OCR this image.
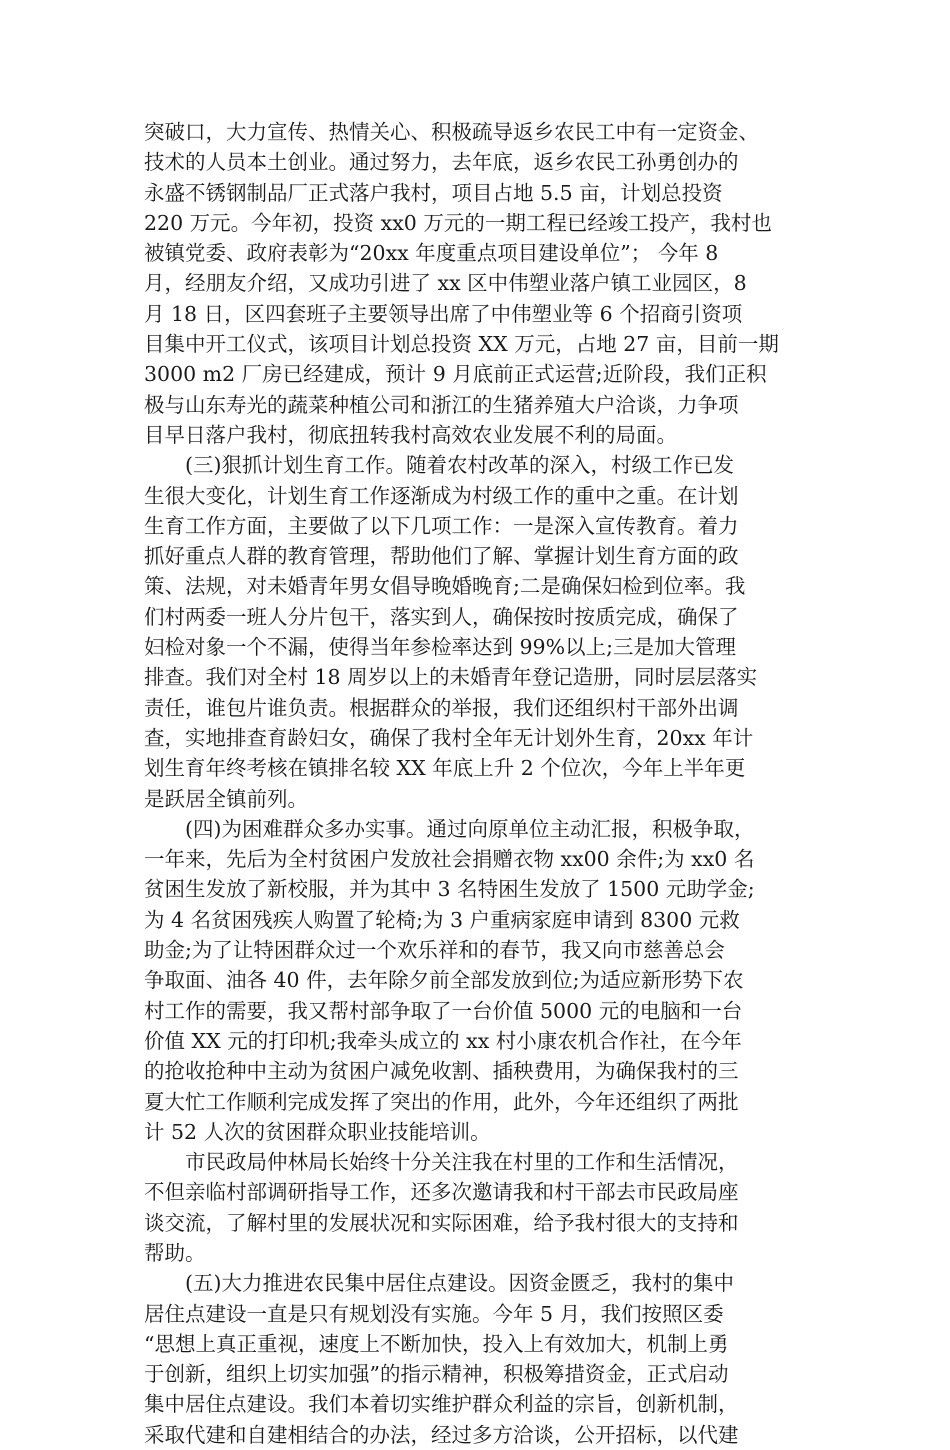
突破口，大力宣传、热情关心、积极疏导返乡农民工中有一定资金、
技术的人员本土创业。通过努力，去年底，返乡农民工孙勇创办的
永盛不锈钢制品厂正式落户我村，项目占地 5.5 亩，计划总投资
220 万元。今年初，投资 xx0 万元的一期工程已经竣工投产，我村也
被镇党委、政府表彰为“20xx 年度重点项目建设单位”； 今年 8
月，经朋友介绍，又成功引进了 xx 区中伟塑业落户镇工业园区，8
月 18 日，区四套班子主要领导出席了中伟塑业等 6 个招商引资项
目集中开工仪式，该项目计划总投资 XX 万元，占地 27 亩，目前一期
3000 m2 厂房已经建成，预计 9 月底前正式运营;近阶段，我们正积
极与山东寿光的蔬菜种植公司和浙江的生猪养殖大户洽谈，力争项
目早日落户我村，彻底扭转我村高效农业发展不利的局面。
　　(三)狠抓计划生育工作。随着农村改革的深入，村级工作已发
生很大变化，计划生育工作逐渐成为村级工作的重中之重。在计划
生育工作方面，主要做了以下几项工作：一是深入宣传教育。着力
抓好重点人群的教育管理，帮助他们了解、掌握计划生育方面的政
策、法规，对未婚青年男女倡导晚婚晚育;二是确保妇检到位率。我
们村两委一班人分片包干，落实到人，确保按时按质完成，确保了
妇检对象一个不漏，使得当年参检率达到 99%以上;三是加大管理
排查。我们对全村 18 周岁以上的未婚青年登记造册，同时层层落实
责任，谁包片谁负责。根据群众的举报，我们还组织村干部外出调
查，实地排查育龄妇女，确保了我村全年无计划外生育，20xx 年计
划生育年终考核在镇排名较 XX 年底上升 2 个位次，今年上半年更
是跃居全镇前列。
　　(四)为困难群众多办实事。通过向原单位主动汇报，积极争取，
一年来，先后为全村贫困户发放社会捐赠衣物 xx00 余件;为 xx0 名
贫困生发放了新校服，并为其中 3 名特困生发放了 1500 元助学金;
为 4 名贫困残疾人购置了轮椅;为 3 户重病家庭申请到 8300 元救
助金;为了让特困群众过一个欢乐祥和的春节，我又向市慈善总会
争取面、油各 40 件，去年除夕前全部发放到位;为适应新形势下农
村工作的需要，我又帮村部争取了一台价值 5000 元的电脑和一台
价值 XX 元的打印机;我牵头成立的 xx 村小康农机合作社，在今年
的抢收抢种中主动为贫困户减免收割、插秧费用，为确保我村的三
夏大忙工作顺利完成发挥了突出的作用，此外，今年还组织了两批
计 52 人次的贫困群众职业技能培训。
　　市民政局仲林局长始终十分关注我在村里的工作和生活情况，
不但亲临村部调研指导工作，还多次邀请我和村干部去市民政局座
谈交流，了解村里的发展状况和实际困难，给予我村很大的支持和
帮助。
　　(五)大力推进农民集中居住点建设。因资金匮乏，我村的集中
居住点建设一直是只有规划没有实施。今年 5 月，我们按照区委
“思想上真正重视，速度上不断加快，投入上有效加大，机制上勇
于创新，组织上切实加强”的指示精神，积极筹措资金，正式启动
集中居住点建设。我们本着切实维护群众利益的宗旨，创新机制，
采取代建和自建相结合的办法，经过多方洽谈，公开招标，以代建
